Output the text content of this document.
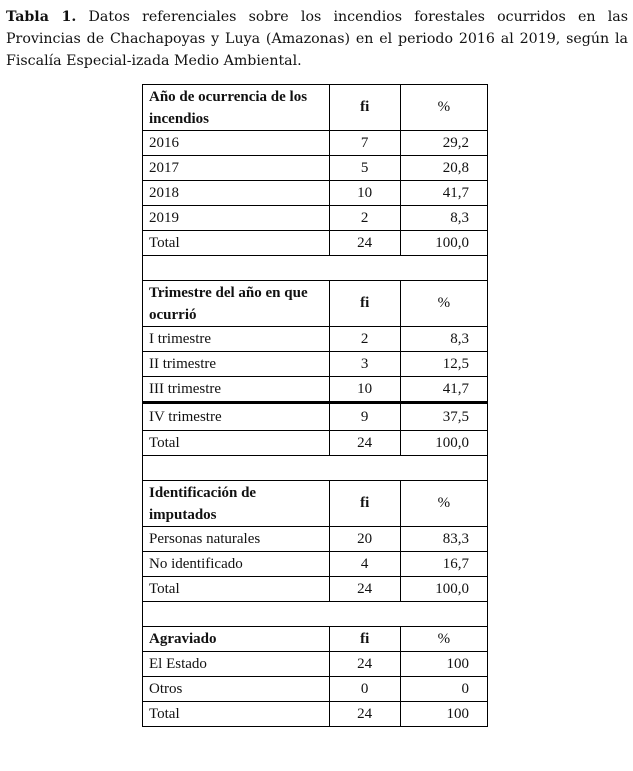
Tabla 1. Datos referenciales sobre los incendios forestales ocurridos en las Provincias de Chachapoyas y Luya (Amazonas) en el periodo 2016 al 2019, según la Fiscalía Especial-izada Medio Ambiental.
Año de ocurrencia de los incendios	fi	%
2016	7	29,2
2017	5	20,8
2018	10	41,7
2019	2	8,3
Total	24	100,0

Trimestre del año en que ocurrió	fi	%
I trimestre	2	8,3
II trimestre	3	12,5
III trimestre	10	41,7
IV trimestre	9	37,5
Total	24	100,0

Identificación de imputados	fi	%
Personas naturales	20	83,3
No identificado	4	16,7
Total	24	100,0

Agraviado	fi	%
El Estado	24	100
Otros	0	0
Total	24	100
